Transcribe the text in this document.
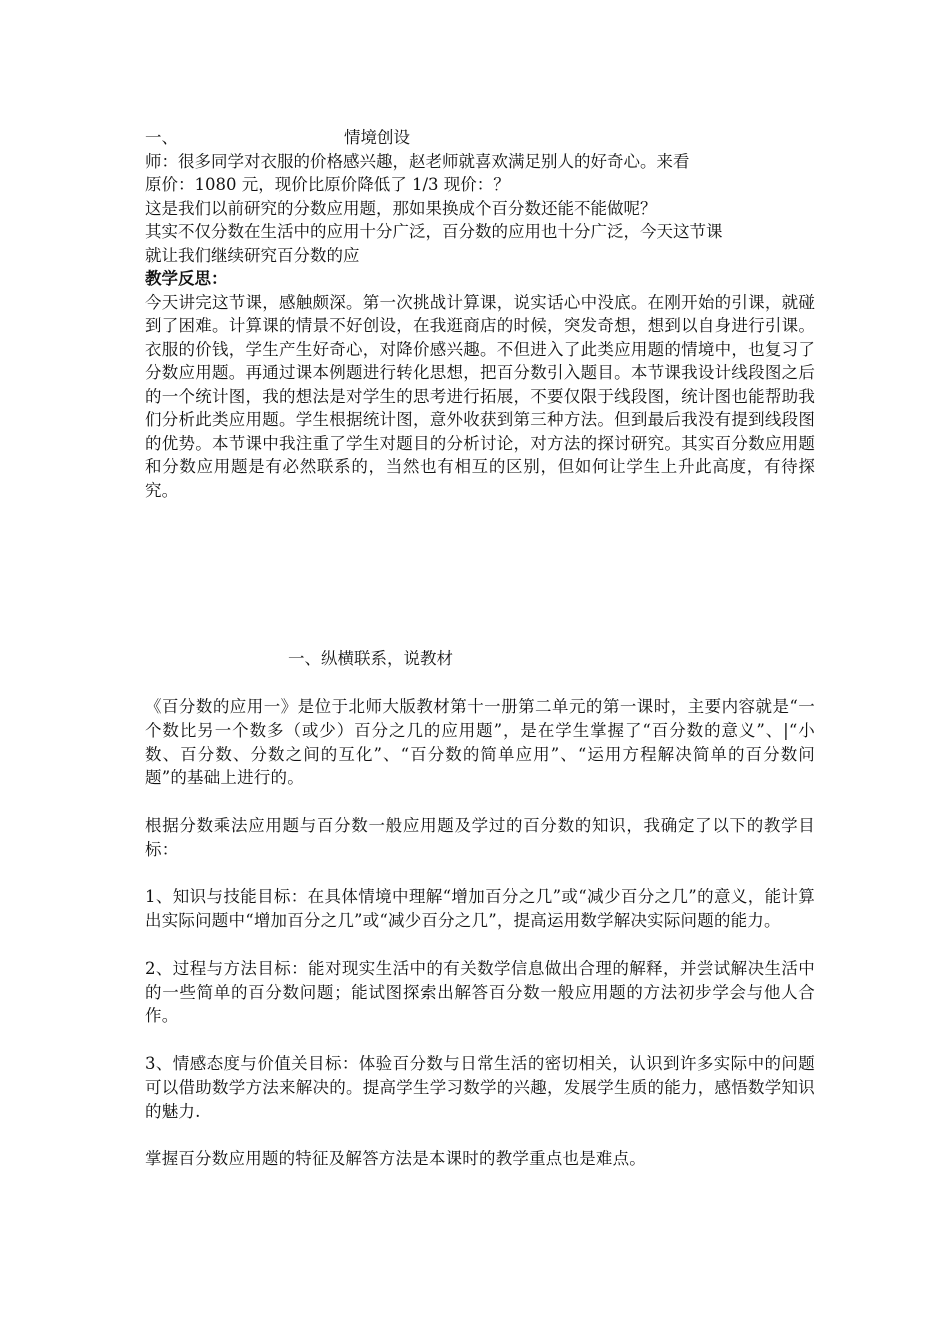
一、	情境创设
师：很多同学对衣服的价格感兴趣，赵老师就喜欢满足别人的好奇心。来看
原价：1080 元，现价比原价降低了 1/3 现价：？
这是我们以前研究的分数应用题，那如果换成个百分数还能不能做呢？
其实不仅分数在生活中的应用十分广泛，百分数的应用也十分广泛，今天这节课
就让我们继续研究百分数的应
教学反思：
今天讲完这节课，感触颇深。第一次挑战计算课，说实话心中没底。在刚开始的引课，就碰到了困难。计算课的情景不好创设，在我逛商店的时候，突发奇想，想到以自身进行引课。衣服的价钱，学生产生好奇心，对降价感兴趣。不但进入了此类应用题的情境中，也复习了分数应用题。再通过课本例题进行转化思想，把百分数引入题目。本节课我设计线段图之后的一个统计图，我的想法是对学生的思考进行拓展，不要仅限于线段图，统计图也能帮助我们分析此类应用题。学生根据统计图，意外收获到第三种方法。但到最后我没有提到线段图的优势。本节课中我注重了学生对题目的分析讨论，对方法的探讨研究。其实百分数应用题和分数应用题是有必然联系的，当然也有相互的区别，但如何让学生上升此高度，有待探究。
一、纵横联系，说教材

《百分数的应用一》是位于北师大版教材第十一册第二单元的第一课时，主要内容就是“一个数比另一个数多（或少）百分之几的应用题”，是在学生掌握了“百分数的意义”、|“小数、百分数、分数之间的互化”、“百分数的简单应用”、“运用方程解决简单的百分数问题”的基础上进行的。

根据分数乘法应用题与百分数一般应用题及学过的百分数的知识，我确定了以下的教学目标：

1、知识与技能目标：在具体情境中理解“增加百分之几”或“减少百分之几”的意义，能计算出实际问题中“增加百分之几”或“减少百分之几”，提高运用数学解决实际问题的能力。

2、过程与方法目标：能对现实生活中的有关数学信息做出合理的解释，并尝试解决生活中的一些简单的百分数问题；能试图探索出解答百分数一般应用题的方法初步学会与他人合作。

3、情感态度与价值关目标：体验百分数与日常生活的密切相关，认识到许多实际中的问题可以借助数学方法来解决的。提高学生学习数学的兴趣，发展学生质的能力，感悟数学知识的魅力.

掌握百分数应用题的特征及解答方法是本课时的教学重点也是难点。
